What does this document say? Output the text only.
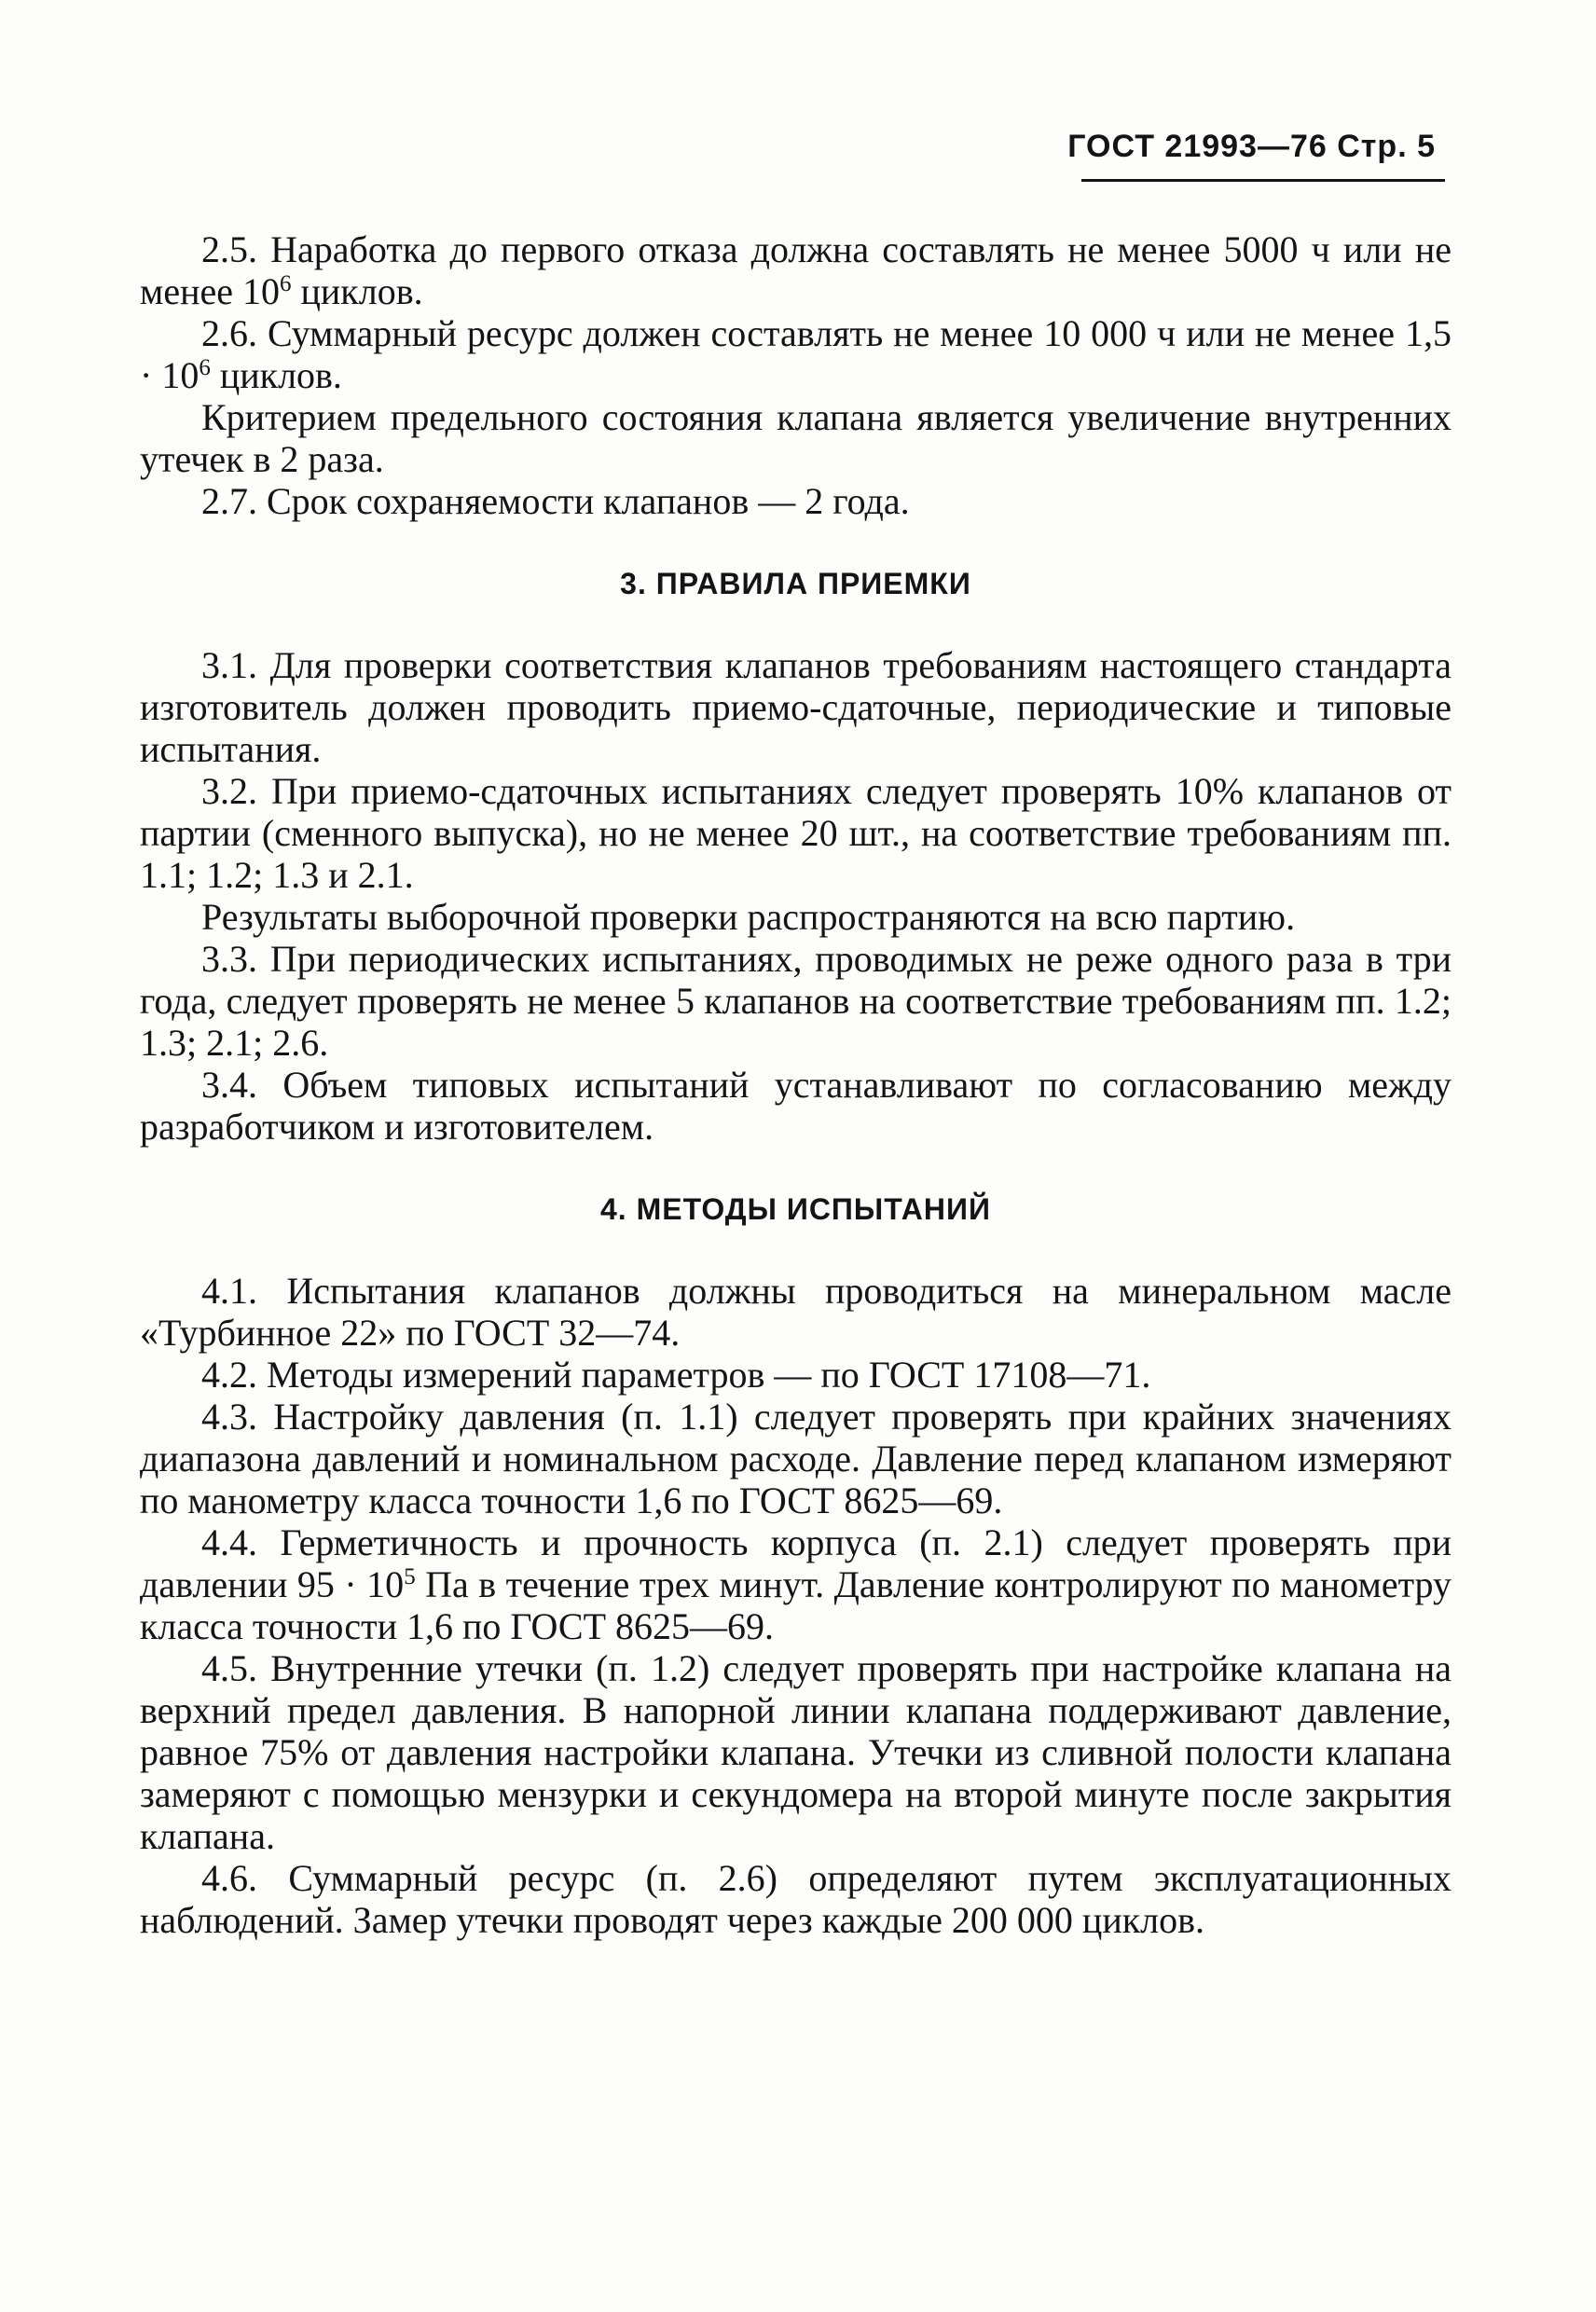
ГОСТ 21993—76 Стр. 5

2.5. Наработка до первого отказа должна составлять не менее 5000 ч или не менее $10^6$ циклов.

2.6. Суммарный ресурс должен составлять не менее 10 000 ч или не менее $1,5 \cdot 10^6$ циклов.

Критерием предельного состояния клапана является увеличение внутренних утечек в 2 раза.

2.7. Срок сохраняемости клапанов — 2 года.

3. ПРАВИЛА ПРИЕМКИ

3.1. Для проверки соответствия клапанов требованиям настоящего стандарта изготовитель должен проводить приемо-сдаточные, периодические и типовые испытания.

3.2. При приемо-сдаточных испытаниях следует проверять 10% клапанов от партии (сменного выпуска), но не менее 20 шт., на соответствие требованиям пп. 1.1; 1.2; 1.3 и 2.1.

Результаты выборочной проверки распространяются на всю партию.

3.3. При периодических испытаниях, проводимых не реже одного раза в три года, следует проверять не менее 5 клапанов на соответствие требованиям пп. 1.2; 1.3; 2.1; 2.6.

3.4. Объем типовых испытаний устанавливают по согласованию между разработчиком и изготовителем.

4. МЕТОДЫ ИСПЫТАНИЙ

4.1. Испытания клапанов должны проводиться на минеральном масле «Турбинное 22» по ГОСТ 32—74.

4.2. Методы измерений параметров — по ГОСТ 17108—71.

4.3. Настройку давления (п. 1.1) следует проверять при крайних значениях диапазона давлений и номинальном расходе. Давление перед клапаном измеряют по манометру класса точности 1,6 по ГОСТ 8625—69.

4.4. Герметичность и прочность корпуса (п. 2.1) следует проверять при давлении $95 \cdot 10^5$ Па в течение трех минут. Давление контролируют по манометру класса точности 1,6 по ГОСТ 8625—69.

4.5. Внутренние утечки (п. 1.2) следует проверять при настройке клапана на верхний предел давления. В напорной линии клапана поддерживают давление, равное 75% от давления настройки клапана. Утечки из сливной полости клапана замеряют с помощью мензурки и секундомера на второй минуте после закрытия клапана.

4.6. Суммарный ресурс (п. 2.6) определяют путем эксплуатационных наблюдений. Замер утечки проводят через каждые 200 000 циклов.
